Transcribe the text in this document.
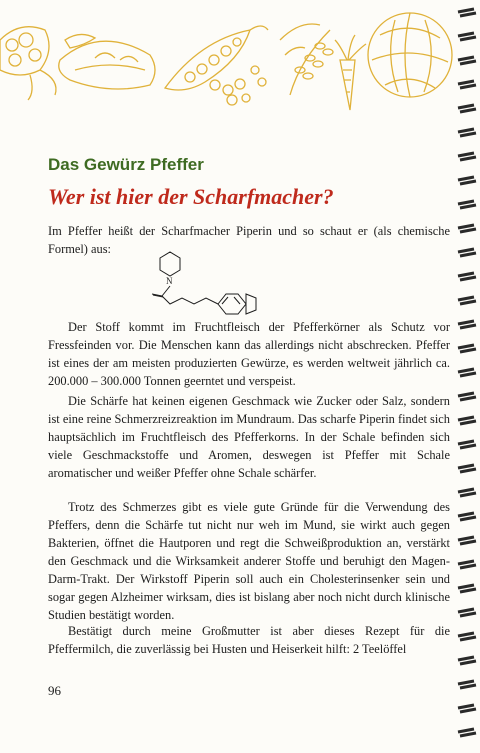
Das Gewürz Pfeffer
Wer ist hier der Scharfmacher?

Im Pfeffer heißt der Scharfmacher Piperin und so schaut er (als chemische Formel) aus:

N

Der Stoff kommt im Fruchtfleisch der Pfefferkörner als Schutz vor Fressfeinden vor. Die Menschen kann das allerdings nicht abschrecken. Pfeffer ist eines der am meisten produzierten Gewürze, es werden weltweit jährlich ca. 200.000 – 300.000 Tonnen geerntet und verspeist.

Die Schärfe hat keinen eigenen Geschmack wie Zucker oder Salz, sondern ist eine reine Schmerzreizreaktion im Mundraum. Das scharfe Piperin findet sich hauptsächlich im Fruchtfleisch des Pfefferkorns. In der Schale befinden sich viele Geschmackstoffe und Aromen, deswegen ist Pfeffer mit Schale aromatischer und weißer Pfeffer ohne Schale schärfer.

Trotz des Schmerzes gibt es viele gute Gründe für die Verwendung des Pfeffers, denn die Schärfe tut nicht nur weh im Mund, sie wirkt auch gegen Bakterien, öffnet die Hautporen und regt die Schweißproduktion an, verstärkt den Geschmack und die Wirksamkeit anderer Stoffe und beruhigt den Magen-Darm-Trakt. Der Wirkstoff Piperin soll auch ein Cholesterinsenker sein und sogar gegen Alzheimer wirksam, dies ist bislang aber noch nicht durch klinische Studien bestätigt worden.

Bestätigt durch meine Großmutter ist aber dieses Rezept für die Pfeffermilch, die zuverlässig bei Husten und Heiserkeit hilft: 2 Teelöffel

96
